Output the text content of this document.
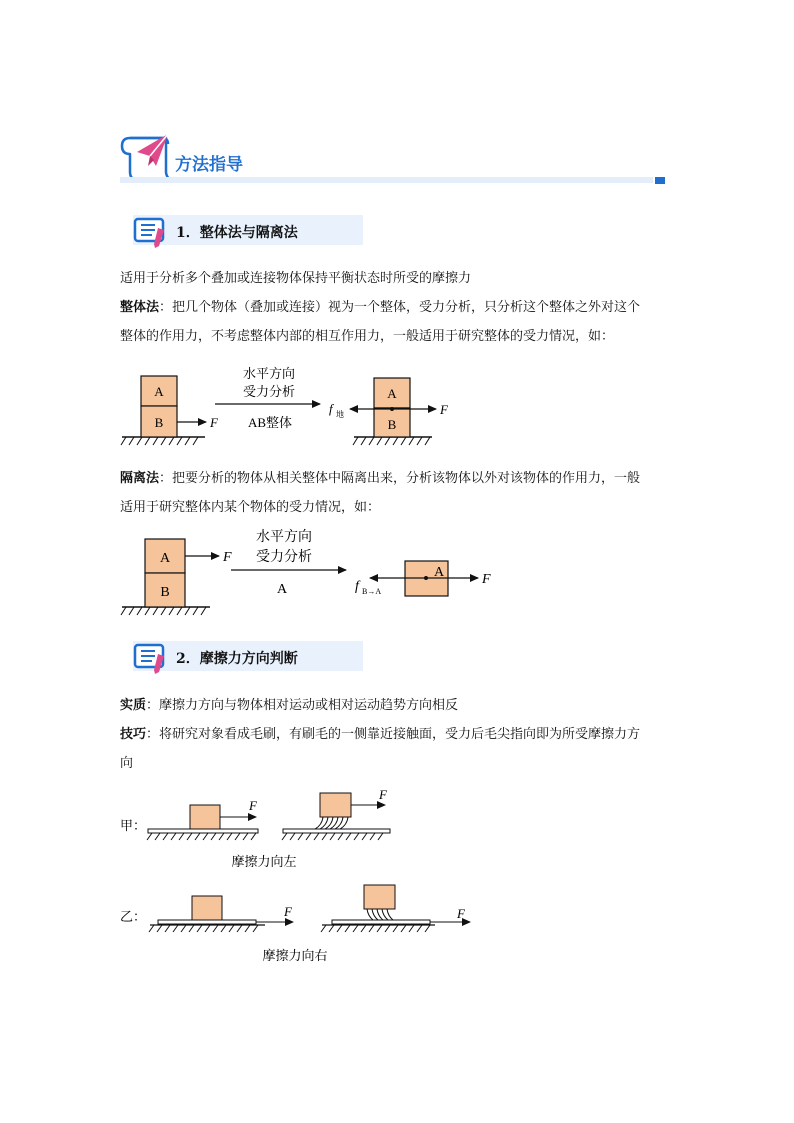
方法指导
1．整体法与隔离法
适用于分析多个叠加或连接物体保持平衡状态时所受的摩擦力
整体法：把几个物体（叠加或连接）视为一个整体，受力分析，只分析这个整体之外对这个
整体的作用力，不考虑整体内部的相互作用力，一般适用于研究整体的受力情况，如：
A
B	F
水平方向
受力分析
AB整体
A
B
F
f 地
隔离法：把要分析的物体从相关整体中隔离出来，分析该物体以外对该物体的作用力，一般
适用于研究整体内某个物体的受力情况，如：
A
B
F
水平方向
受力分析
A
A	F
f B→A
2．摩擦力方向判断
实质：摩擦力方向与物体相对运动或相对运动趋势方向相反
技巧：将研究对象看成毛刷，有刷毛的一侧靠近接触面，受力后毛尖指向即为所受摩擦力方
向
甲：
F
F
摩擦力向左
乙：	F	F
摩擦力向右
